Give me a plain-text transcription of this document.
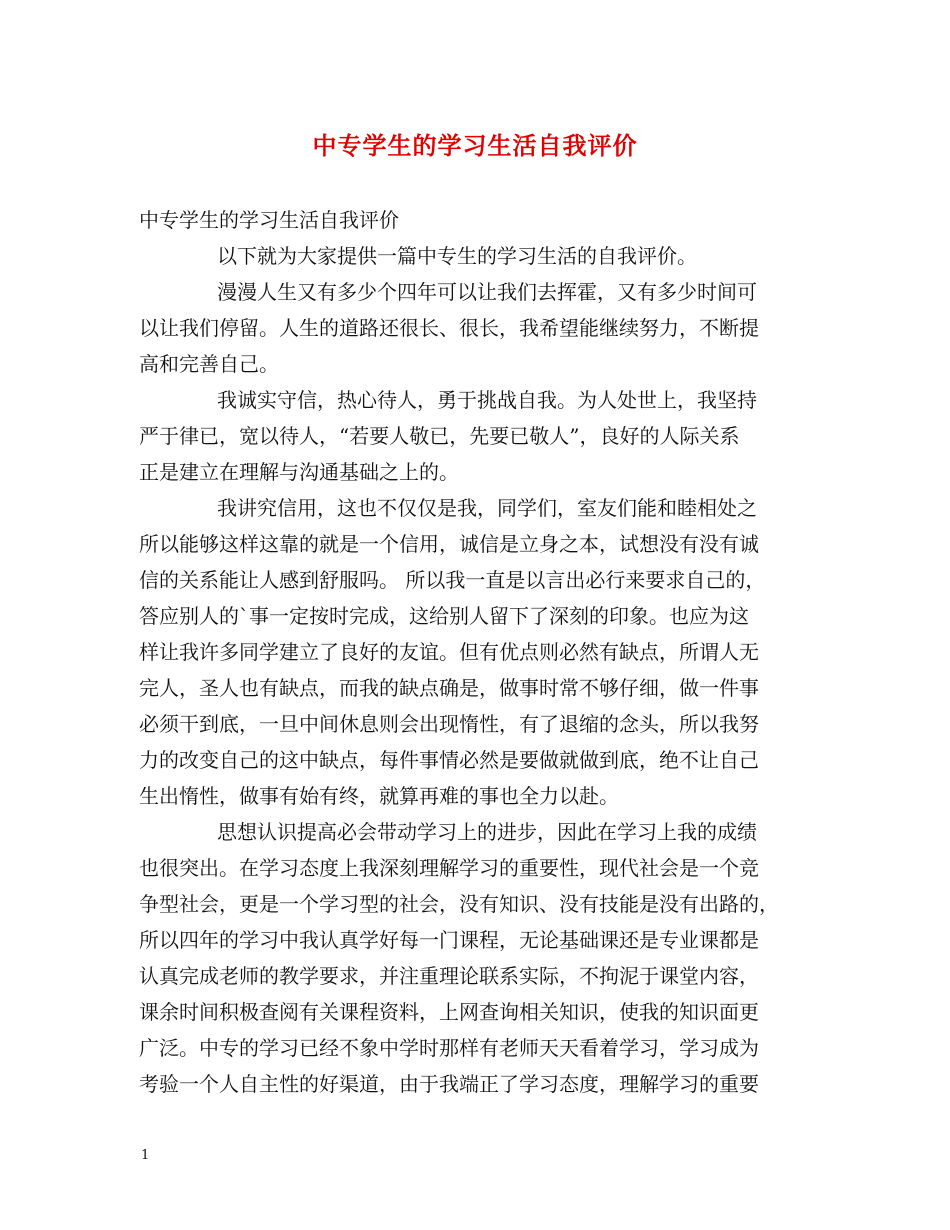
中专学生的学习生活自我评价
中专学生的学习生活自我评价
以下就为大家提供一篇中专生的学习生活的自我评价。
漫漫人生又有多少个四年可以让我们去挥霍，又有多少时间可
以让我们停留。人生的道路还很长、很长，我希望能继续努力，不断提
高和完善自己。
我诚实守信，热心待人，勇于挑战自我。为人处世上，我坚持
严于律已，宽以待人，“若要人敬已，先要已敬人”，良好的人际关系
正是建立在理解与沟通基础之上的。
我讲究信用，这也不仅仅是我，同学们，室友们能和睦相处之
所以能够这样这靠的就是一个信用，诚信是立身之本，试想没有没有诚
信的关系能让人感到舒服吗。 所以我一直是以言出必行来要求自己的，
答应别人的`事一定按时完成，这给别人留下了深刻的印象。也应为这
样让我许多同学建立了良好的友谊。但有优点则必然有缺点，所谓人无
完人，圣人也有缺点，而我的缺点确是，做事时常不够仔细，做一件事
必须干到底，一旦中间休息则会出现惰性，有了退缩的念头，所以我努
力的改变自己的这中缺点，每件事情必然是要做就做到底，绝不让自己
生出惰性，做事有始有终，就算再难的事也全力以赴。
思想认识提高必会带动学习上的进步，因此在学习上我的成绩
也很突出。在学习态度上我深刻理解学习的重要性，现代社会是一个竞
争型社会，更是一个学习型的社会，没有知识、没有技能是没有出路的，
所以四年的学习中我认真学好每一门课程，无论基础课还是专业课都是
认真完成老师的教学要求，并注重理论联系实际，不拘泥于课堂内容，
课余时间积极查阅有关课程资料，上网查询相关知识，使我的知识面更
广泛。中专的学习已经不象中学时那样有老师天天看着学习，学习成为
考验一个人自主性的好渠道，由于我端正了学习态度，理解学习的重要
1
